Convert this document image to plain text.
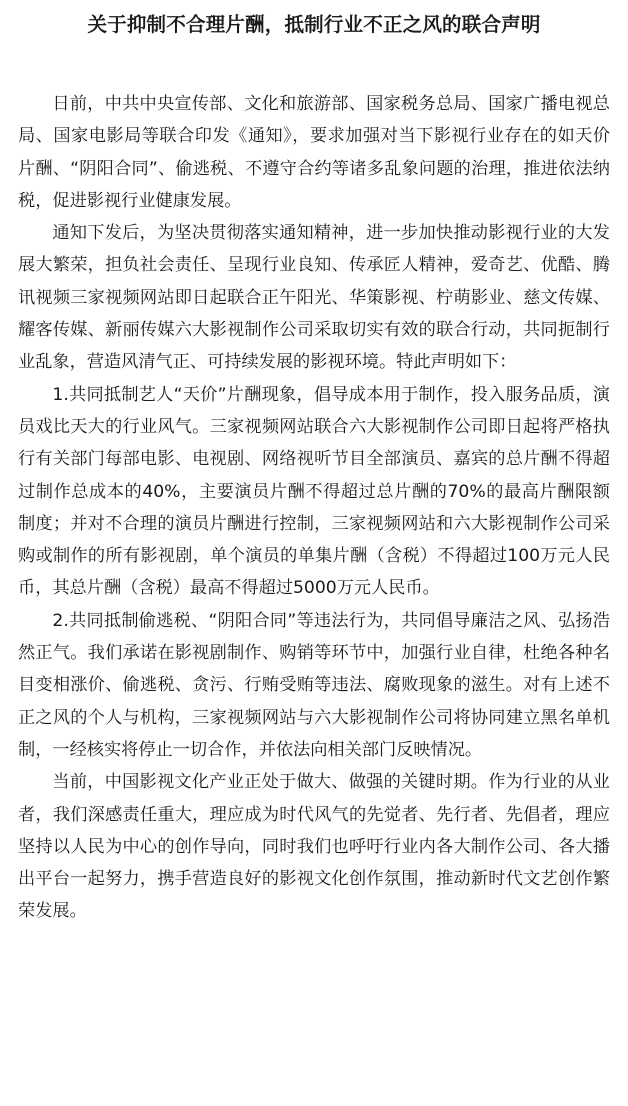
关于抑制不合理片酬，抵制行业不正之风的联合声明

日前，中共中央宣传部、文化和旅游部、国家税务总局、国家广播电视总局、国家电影局等联合印发《通知》，要求加强对当下影视行业存在的如天价片酬、“阴阳合同”、偷逃税、不遵守合约等诸多乱象问题的治理，推进依法纳税，促进影视行业健康发展。

通知下发后，为坚决贯彻落实通知精神，进一步加快推动影视行业的大发展大繁荣，担负社会责任、呈现行业良知、传承匠人精神，爱奇艺、优酷、腾讯视频三家视频网站即日起联合正午阳光、华策影视、柠萌影业、慈文传媒、耀客传媒、新丽传媒六大影视制作公司采取切实有效的联合行动，共同扼制行业乱象，营造风清气正、可持续发展的影视环境。特此声明如下：

1.共同抵制艺人“天价”片酬现象，倡导成本用于制作，投入服务品质，演员戏比天大的行业风气。三家视频网站联合六大影视制作公司即日起将严格执行有关部门每部电影、电视剧、网络视听节目全部演员、嘉宾的总片酬不得超过制作总成本的40%，主要演员片酬不得超过总片酬的70%的最高片酬限额制度；并对不合理的演员片酬进行控制，三家视频网站和六大影视制作公司采购或制作的所有影视剧，单个演员的单集片酬（含税）不得超过100万元人民币，其总片酬（含税）最高不得超过5000万元人民币。

2.共同抵制偷逃税、“阴阳合同”等违法行为，共同倡导廉洁之风、弘扬浩然正气。我们承诺在影视剧制作、购销等环节中，加强行业自律，杜绝各种名目变相涨价、偷逃税、贪污、行贿受贿等违法、腐败现象的滋生。对有上述不正之风的个人与机构，三家视频网站与六大影视制作公司将协同建立黑名单机制，一经核实将停止一切合作，并依法向相关部门反映情况。

当前，中国影视文化产业正处于做大、做强的关键时期。作为行业的从业者，我们深感责任重大，理应成为时代风气的先觉者、先行者、先倡者，理应坚持以人民为中心的创作导向，同时我们也呼吁行业内各大制作公司、各大播出平台一起努力，携手营造良好的影视文化创作氛围，推动新时代文艺创作繁荣发展。
